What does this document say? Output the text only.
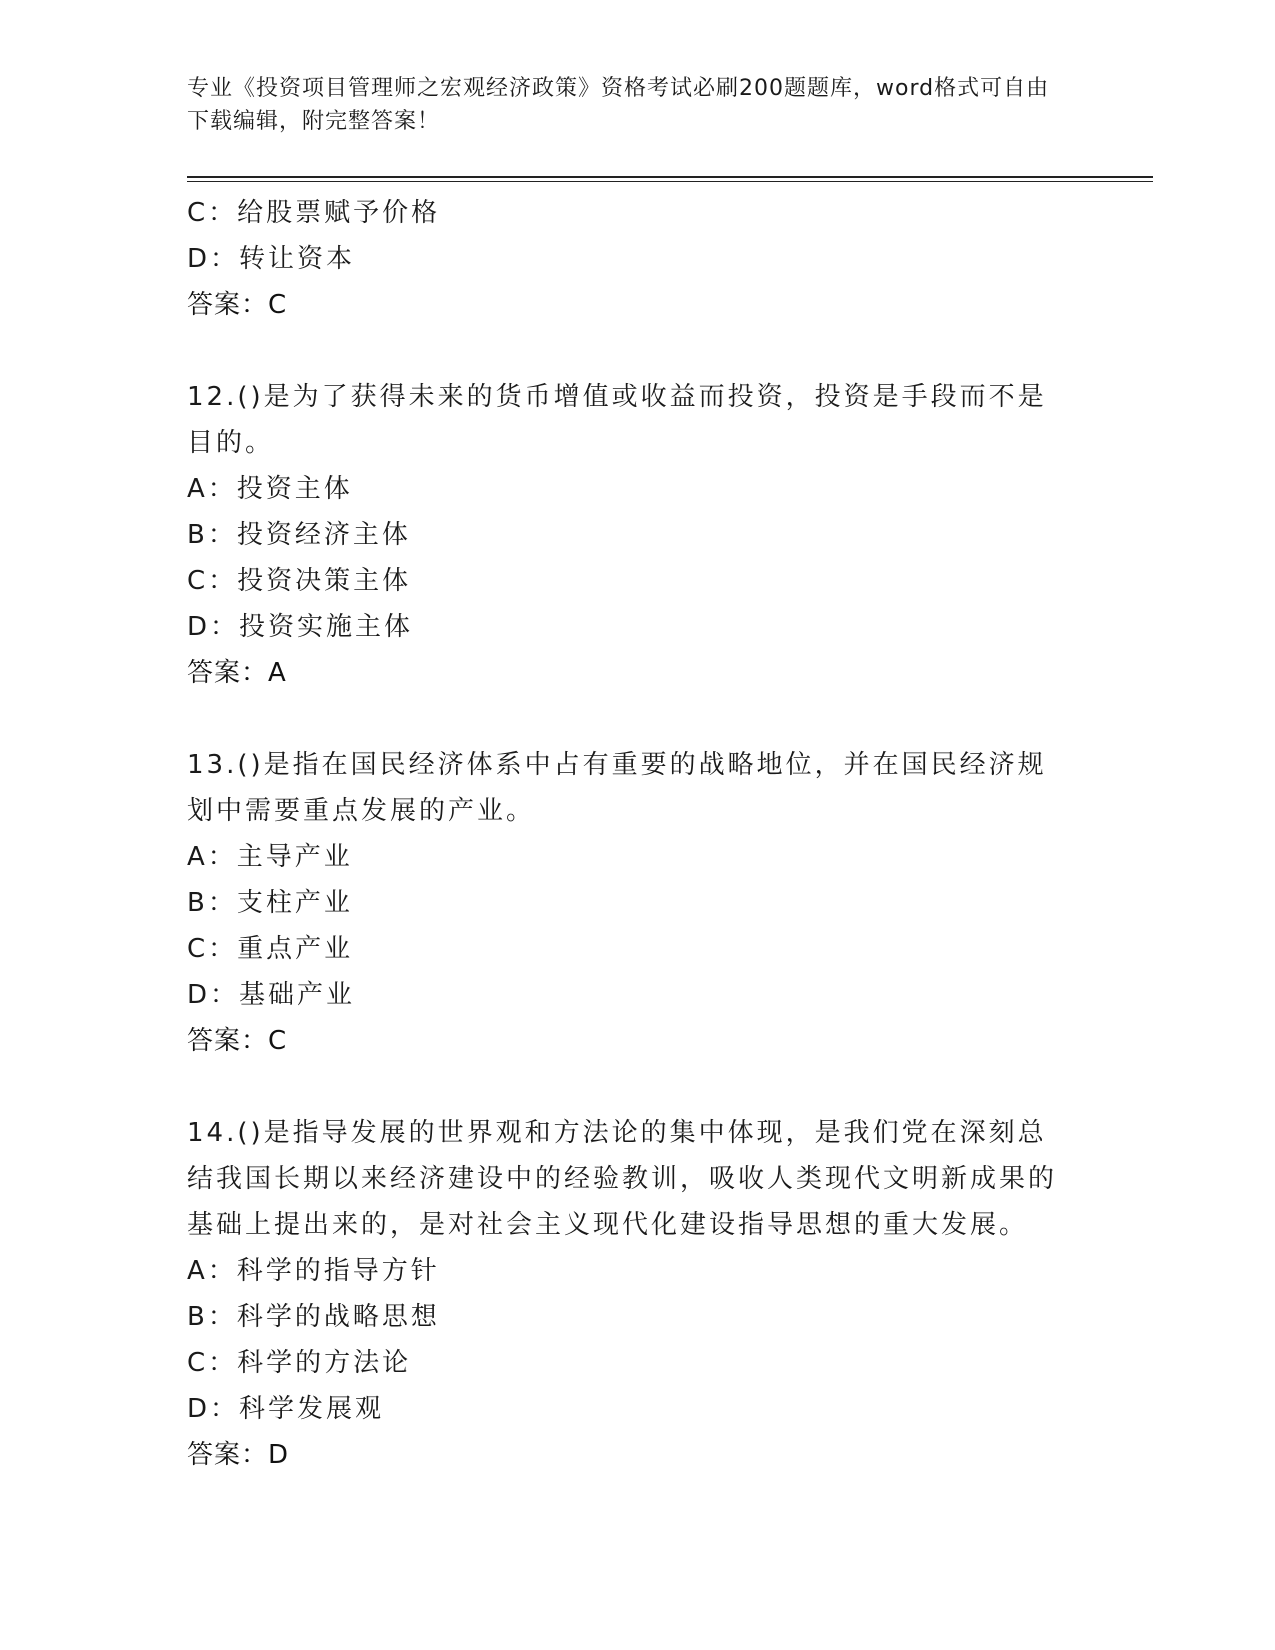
专业《投资项目管理师之宏观经济政策》资格考试必刷200题题库，word格式可自由下载编辑，附完整答案！
C：给股票赋予价格
D：转让资本
答案：C
12.()是为了获得未来的货币增值或收益而投资，投资是手段而不是目的。
A：投资主体
B：投资经济主体
C：投资决策主体
D：投资实施主体
答案：A
13.()是指在国民经济体系中占有重要的战略地位，并在国民经济规划中需要重点发展的产业。
A：主导产业
B：支柱产业
C：重点产业
D：基础产业
答案：C
14.()是指导发展的世界观和方法论的集中体现，是我们党在深刻总结我国长期以来经济建设中的经验教训，吸收人类现代文明新成果的基础上提出来的，是对社会主义现代化建设指导思想的重大发展。
A：科学的指导方针
B：科学的战略思想
C：科学的方法论
D：科学发展观
答案：D
